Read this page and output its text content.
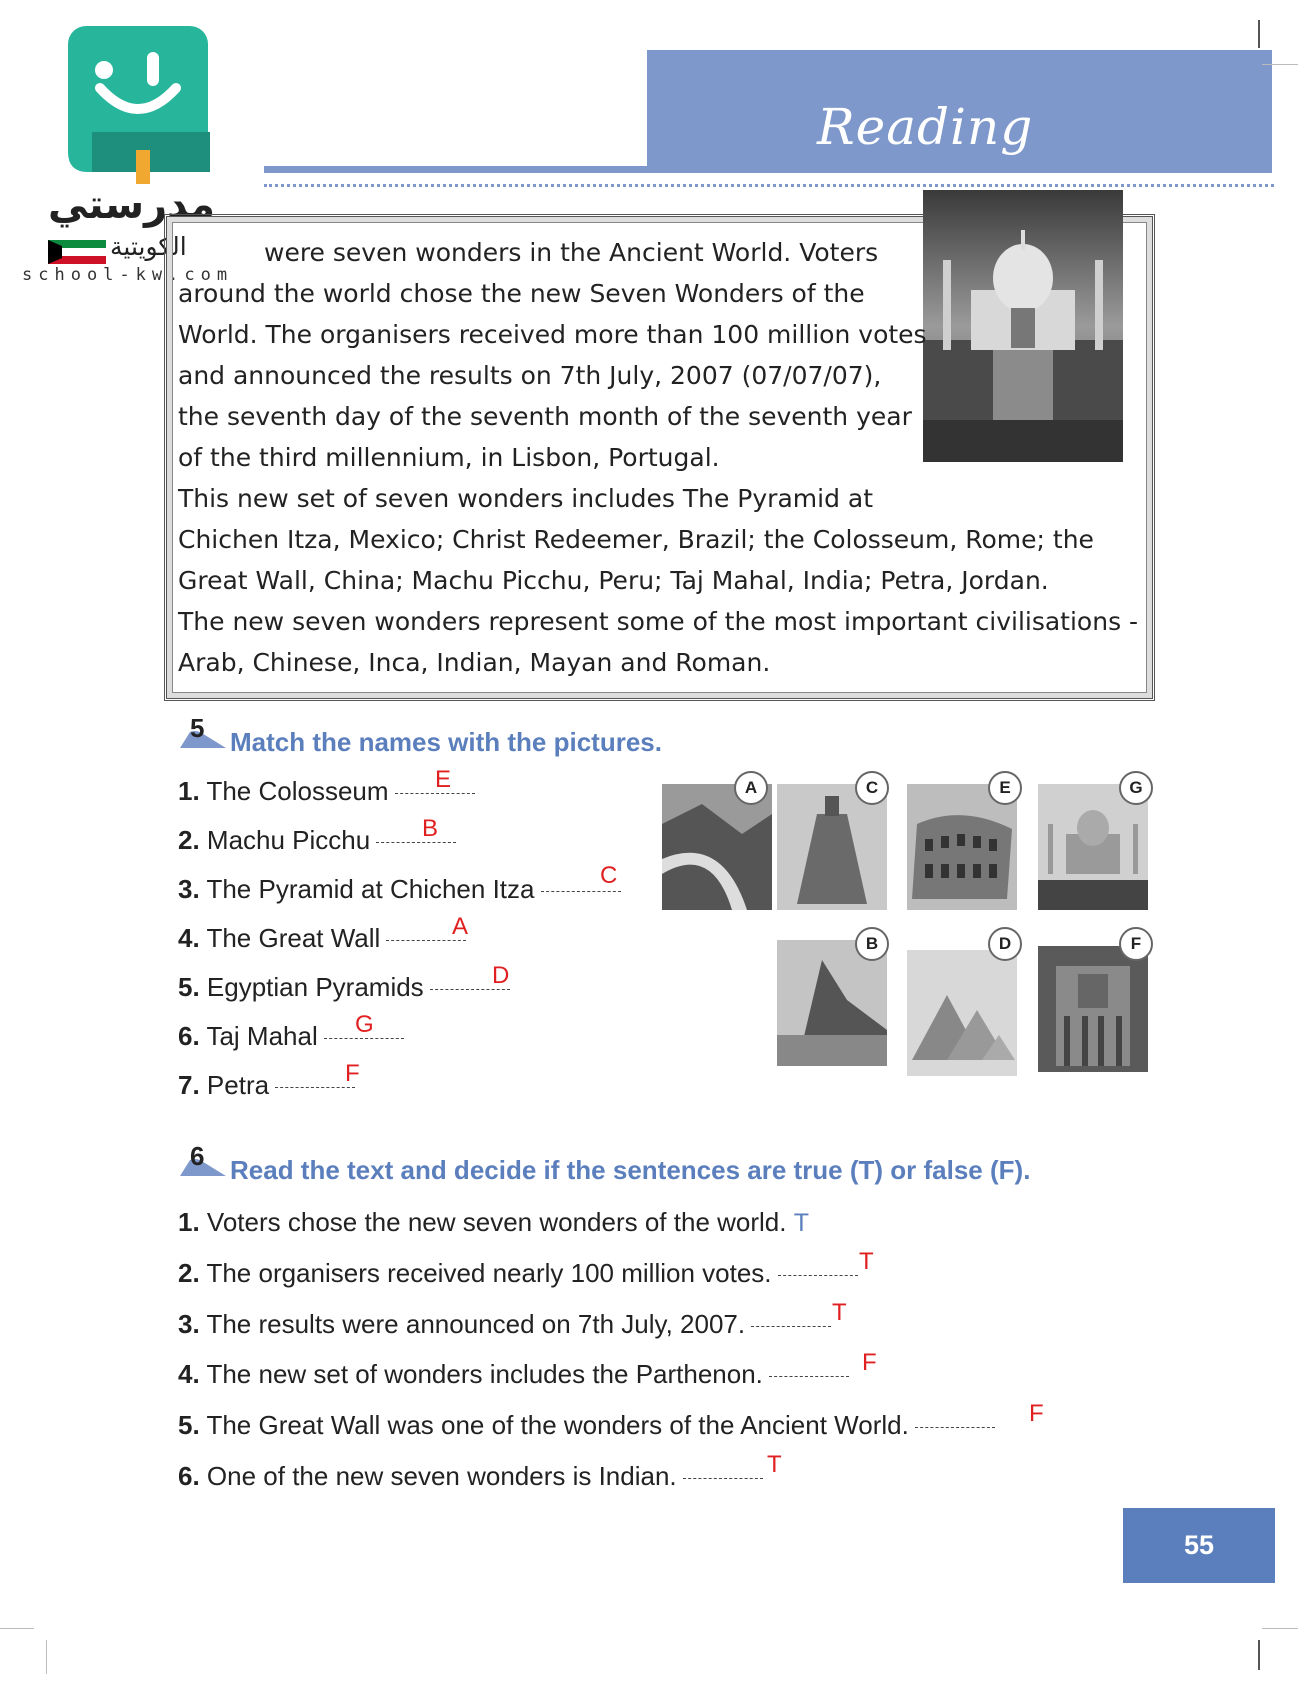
مدرستي
الكويتية
school-kw.com
Reading
were seven wonders in the Ancient World. Voters
around the world chose the new Seven Wonders of the
World. The organisers received more than 100 million votes
and announced the results on 7th July, 2007 (07/07/07),
the seventh day of the seventh month of the seventh year
of the third millennium, in Lisbon, Portugal.
This new set of seven wonders includes The Pyramid at
Chichen Itza, Mexico; Christ Redeemer, Brazil; the Colosseum, Rome; the
Great Wall, China; Machu Picchu, Peru; Taj Mahal, India; Petra, Jordan.
The new seven wonders represent some of the most important civilisations -
Arab, Chinese, Inca, Indian, Mayan and Roman.
5 Match the names with the pictures.
1. The Colosseum	E
2. Machu Picchu	B
3. The Pyramid at Chichen Itza	C
4. The Great Wall	A
5. Egyptian Pyramids	D
6. Taj Mahal	G
7. Petra	F
A	C	E	G
B	D	F
6 Read the text and decide if the sentences are true (T) or false (F).
1. Voters chose the new seven wonders of the world. T
2. The organisers received nearly 100 million votes.	T
3. The results were announced on 7th July, 2007.	T
4. The new set of wonders includes the Parthenon.	F
5. The Great Wall was one of the wonders of the Ancient World.	F
6. One of the new seven wonders is Indian.	T
55
